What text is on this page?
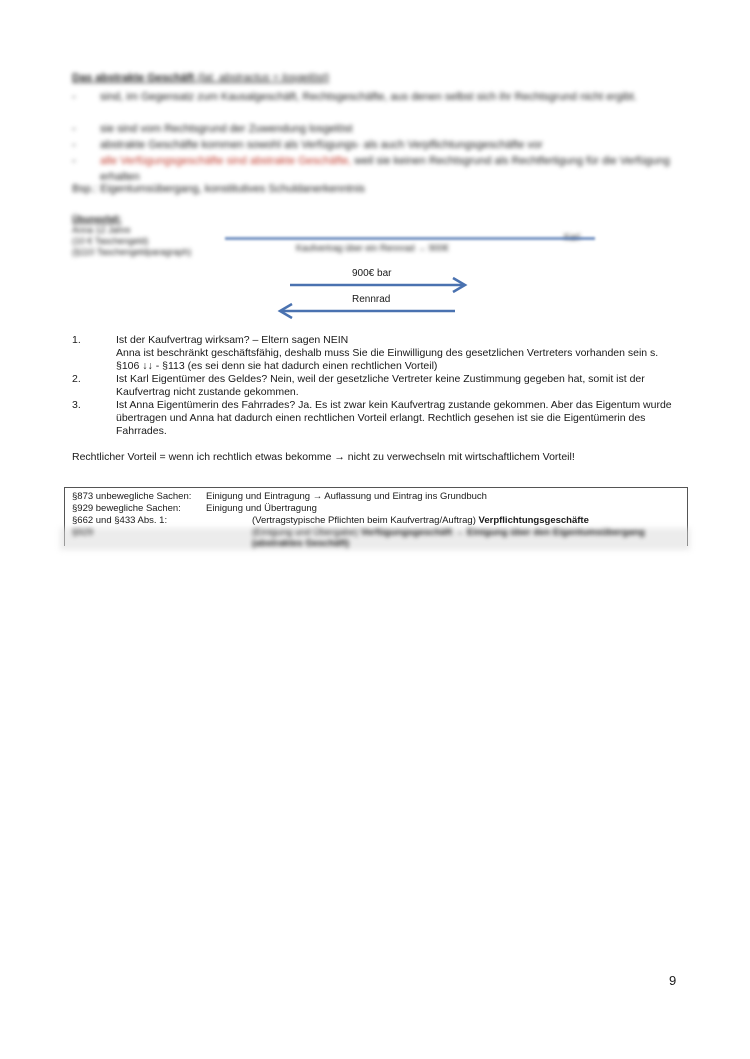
Das abstrakte Geschäft (lat. abstractus = losgelöst)
- sind, im Gegensatz zum Kausalgeschäft, Rechtsgeschäfte, aus denen selbst sich ihr Rechtsgrund nicht ergibt.
- sie sind vom Rechtsgrund der Zuwendung losgelöst
- abstrakte Geschäfte kommen sowohl als Verfügungs- als auch Verpflichtungsgeschäfte vor
- alle Verfügungsgeschäfte sind abstrakte Geschäfte, weil sie keinen Rechtsgrund als Rechtfertigung für die Verfügung erhalten
Bsp.: Eigentumsübergang, konstitutives Schuldanerkenntnis
Übungsfall:
Anna 12 Jahre
(10 € Taschengeld)
(§110 Taschengeldparagraph)	Kaufvertrag über ein Rennrad → 900€
900€ bar
Rennrad
1.	Ist der Kaufvertrag wirksam? – Eltern sagen NEIN
Anna ist beschränkt geschäftsfähig, deshalb muss Sie die Einwilligung des gesetzlichen Vertreters vorhanden sein s. §106 ↓↓ - §113 (es sei denn sie hat dadurch einen rechtlichen Vorteil)
2.	Ist Karl Eigentümer des Geldes? Nein, weil der gesetzliche Vertreter keine Zustimmung gegeben hat, somit ist der Kaufvertrag nicht zustande gekommen.
3.	Ist Anna Eigentümerin des Fahrrades? Ja. Es ist zwar kein Kaufvertrag zustande gekommen. Aber das Eigentum wurde übertragen und Anna hat dadurch einen rechtlichen Vorteil erlangt. Rechtlich gesehen ist sie die Eigentümerin des Fahrrades.
Rechtlicher Vorteil = wenn ich rechtlich etwas bekomme → nicht zu verwechseln mit wirtschaftlichem Vorteil!
§873 unbewegliche Sachen: Einigung und Eintragung → Auflassung und Eintrag ins Grundbuch
§929 bewegliche Sachen:	Einigung und Übertragung
§662 und §433 Abs. 1:	(Vertragstypische Pflichten beim Kaufvertrag/Auftrag) Verpflichtungsgeschäfte
§929	(Einigung und Übergabe) Verfügungsgeschäft → Einigung über den Eigentumsübergang (abstraktes Geschäft)
9
